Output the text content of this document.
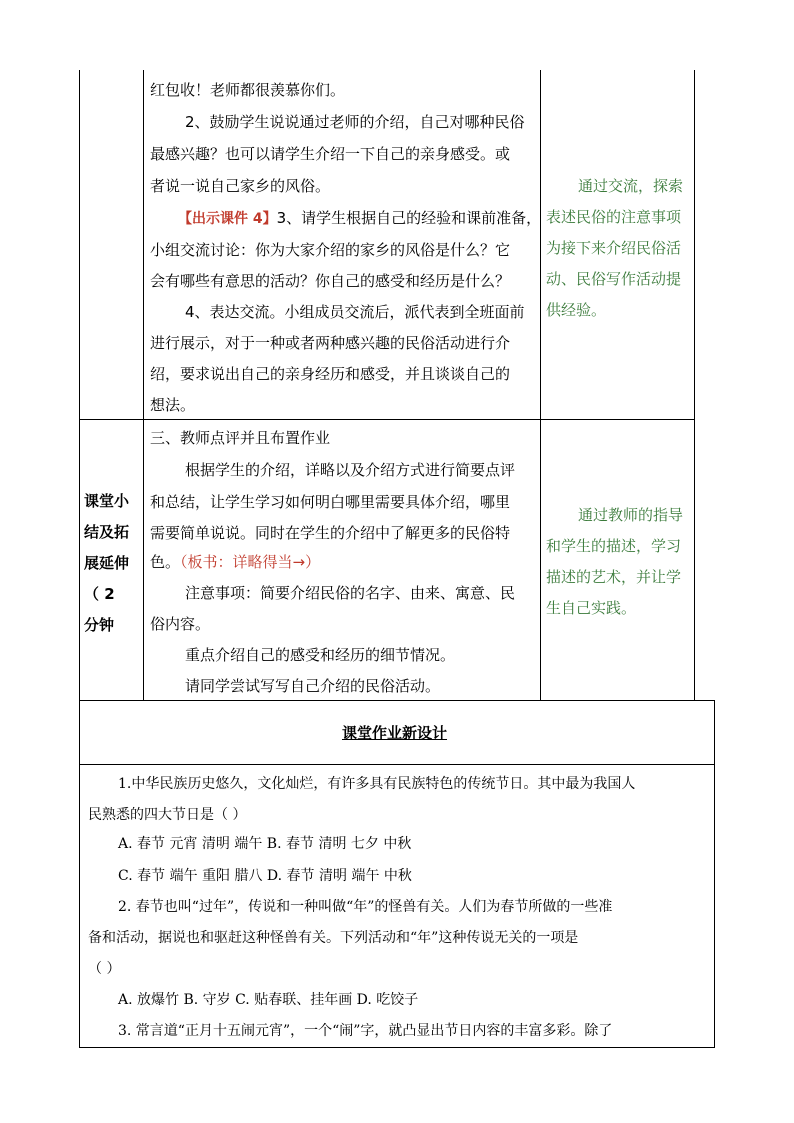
红包收！老师都很羡慕你们。
2、鼓励学生说说通过老师的介绍，自己对哪种民俗
最感兴趣？也可以请学生介绍一下自己的亲身感受。或
者说一说自己家乡的风俗。
【出示课件 4】3、请学生根据自己的经验和课前准备，
小组交流讨论：你为大家介绍的家乡的风俗是什么？它
会有哪些有意思的活动？你自己的感受和经历是什么？
4、表达交流。小组成员交流后，派代表到全班面前
进行展示，对于一种或者两种感兴趣的民俗活动进行介
绍，要求说出自己的亲身经历和感受，并且谈谈自己的
想法。
通过交流，探索
表述民俗的注意事项
为接下来介绍民俗活
动、民俗写作活动提
供经验。
课堂小
结及拓
展延伸
（ 2
分钟
三、教师点评并且布置作业
根据学生的介绍，详略以及介绍方式进行简要点评
和总结，让学生学习如何明白哪里需要具体介绍，哪里
需要简单说说。同时在学生的介绍中了解更多的民俗特
色。（板书：详略得当→）
注意事项：简要介绍民俗的名字、由来、寓意、民
俗内容。
重点介绍自己的感受和经历的细节情况。
请同学尝试写写自己介绍的民俗活动。
通过教师的指导
和学生的描述，学习
描述的艺术，并让学
生自己实践。
课堂作业新设计
1.中华民族历史悠久，文化灿烂，有许多具有民族特色的传统节日。其中最为我国人
民熟悉的四大节日是（ ）
A. 春节 元宵 清明 端午 B. 春节 清明 七夕 中秋
C. 春节 端午 重阳 腊八 D. 春节 清明 端午 中秋
2. 春节也叫“过年”，传说和一种叫做“年”的怪兽有关。人们为春节所做的一些准
备和活动，据说也和驱赶这种怪兽有关。下列活动和“年”这种传说无关的一项是
（ ）
A. 放爆竹 B. 守岁 C. 贴春联、挂年画 D. 吃饺子
3. 常言道“正月十五闹元宵”，一个“闹”字，就凸显出节日内容的丰富多彩。除了
